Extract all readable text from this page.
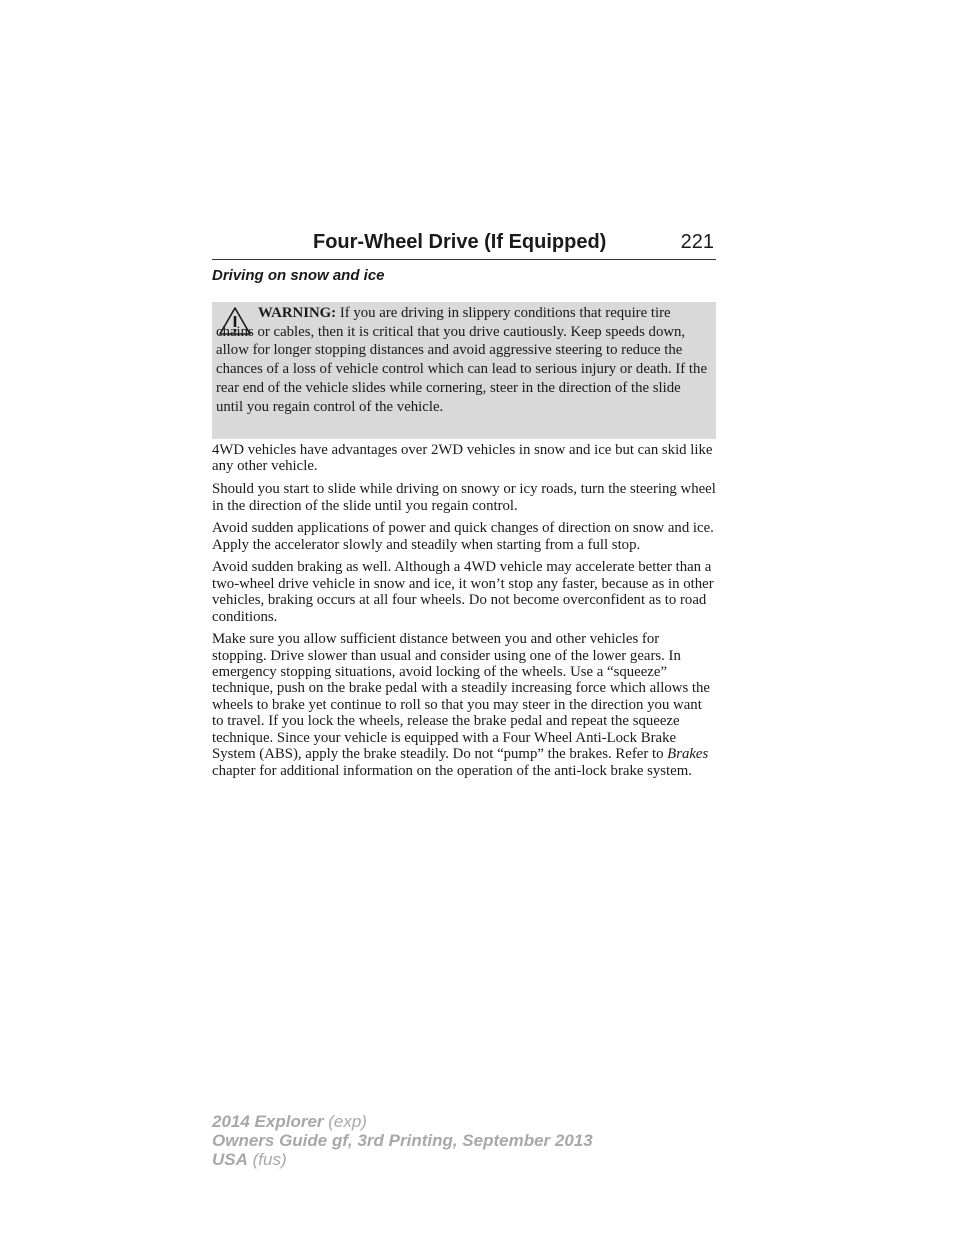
Four-Wheel Drive (If Equipped)	221
Driving on snow and ice
WARNING: If you are driving in slippery conditions that require tire chains or cables, then it is critical that you drive cautiously. Keep speeds down, allow for longer stopping distances and avoid aggressive steering to reduce the chances of a loss of vehicle control which can lead to serious injury or death. If the rear end of the vehicle slides while cornering, steer in the direction of the slide until you regain control of the vehicle.

4WD vehicles have advantages over 2WD vehicles in snow and ice but can skid like any other vehicle.

Should you start to slide while driving on snowy or icy roads, turn the steering wheel in the direction of the slide until you regain control.

Avoid sudden applications of power and quick changes of direction on snow and ice. Apply the accelerator slowly and steadily when starting from a full stop.

Avoid sudden braking as well. Although a 4WD vehicle may accelerate better than a two-wheel drive vehicle in snow and ice, it won’t stop any faster, because as in other vehicles, braking occurs at all four wheels. Do not become overconfident as to road conditions.

Make sure you allow sufficient distance between you and other vehicles for stopping. Drive slower than usual and consider using one of the lower gears. In emergency stopping situations, avoid locking of the wheels. Use a “squeeze” technique, push on the brake pedal with a steadily increasing force which allows the wheels to brake yet continue to roll so that you may steer in the direction you want to travel. If you lock the wheels, release the brake pedal and repeat the squeeze technique. Since your vehicle is equipped with a Four Wheel Anti-Lock Brake System (ABS), apply the brake steadily. Do not “pump” the brakes. Refer to Brakes chapter for additional information on the operation of the anti-lock brake system.

2014 Explorer (exp)
Owners Guide gf, 3rd Printing, September 2013
USA (fus)
